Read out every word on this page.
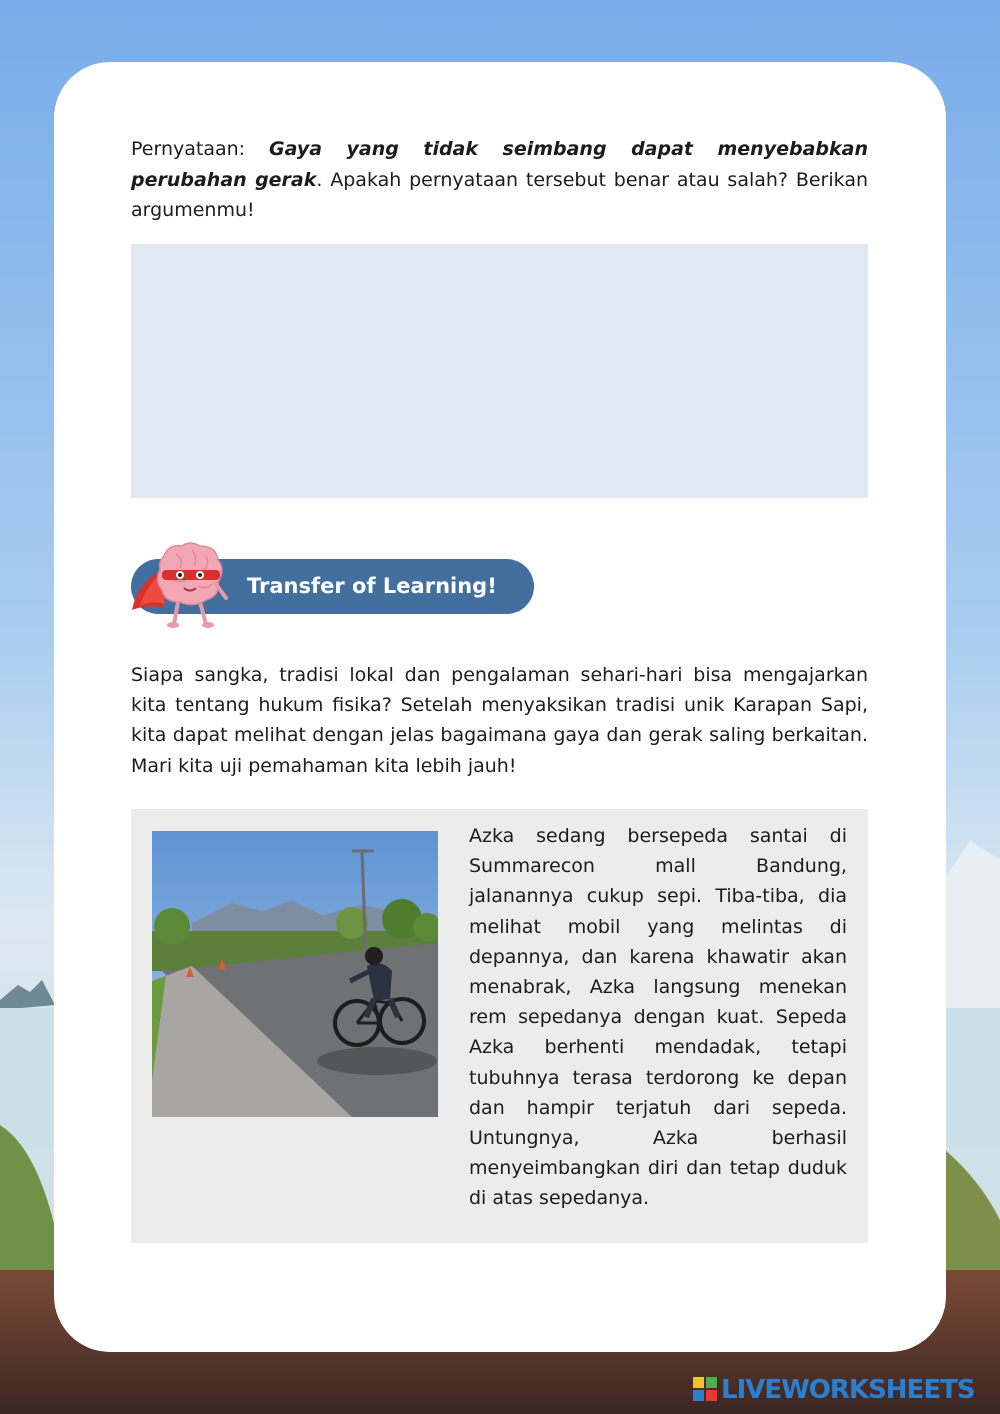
Pernyataan: Gaya yang tidak seimbang dapat menyebabkan perubahan gerak. Apakah pernyataan tersebut benar atau salah? Berikan argumenmu!

Transfer of Learning!

Siapa sangka, tradisi lokal dan pengalaman sehari-hari bisa mengajarkan kita tentang hukum fisika? Setelah menyaksikan tradisi unik Karapan Sapi, kita dapat melihat dengan jelas bagaimana gaya dan gerak saling berkaitan. Mari kita uji pemahaman kita lebih jauh!

Azka sedang bersepeda santai di Summarecon mall Bandung, jalanannya cukup sepi. Tiba-tiba, dia melihat mobil yang melintas di depannya, dan karena khawatir akan menabrak, Azka langsung menekan rem sepedanya dengan kuat. Sepeda Azka berhenti mendadak, tetapi tubuhnya terasa terdorong ke depan dan hampir terjatuh dari sepeda. Untungnya, Azka berhasil menyeimbangkan diri dan tetap duduk di atas sepedanya.

LIVEWORKSHEETS
